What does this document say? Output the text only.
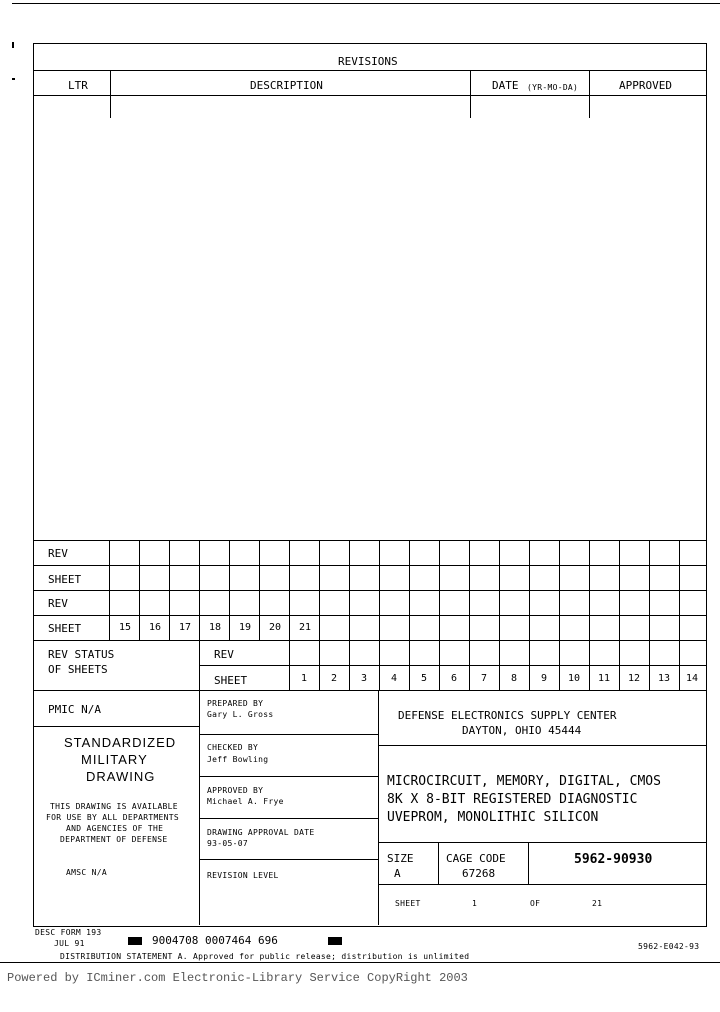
REVISIONS
LTR	DESCRIPTION	DATE (YR-MO-DA)	APPROVED
REV
SHEET
REV
SHEET	15	16	17	18	19	20	21
REV STATUS
OF SHEETS
REV
SHEET	1	2	3	4	5	6	7	8	9	10	11	12	13	14
PMIC N/A
STANDARDIZED
MILITARY
DRAWING
THIS DRAWING IS AVAILABLE
FOR USE BY ALL DEPARTMENTS
AND AGENCIES OF THE
DEPARTMENT OF DEFENSE
AMSC N/A
PREPARED BY
Gary L. Gross
CHECKED BY
Jeff Bowling
APPROVED BY
Michael A. Frye
DRAWING APPROVAL DATE
93-05-07
REVISION LEVEL
DEFENSE ELECTRONICS SUPPLY CENTER
DAYTON, OHIO 45444
MICROCIRCUIT, MEMORY, DIGITAL, CMOS
8K X 8-BIT REGISTERED DIAGNOSTIC
UVEPROM, MONOLITHIC SILICON
SIZE
A
CAGE CODE
67268
5962-90930
SHEET	1	OF	21
DESC FORM 193
JUL 91	9004708 0007464 696
DISTRIBUTION STATEMENT A. Approved for public release; distribution is unlimited
5962-E042-93
Powered by ICminer.com Electronic-Library Service CopyRight 2003
